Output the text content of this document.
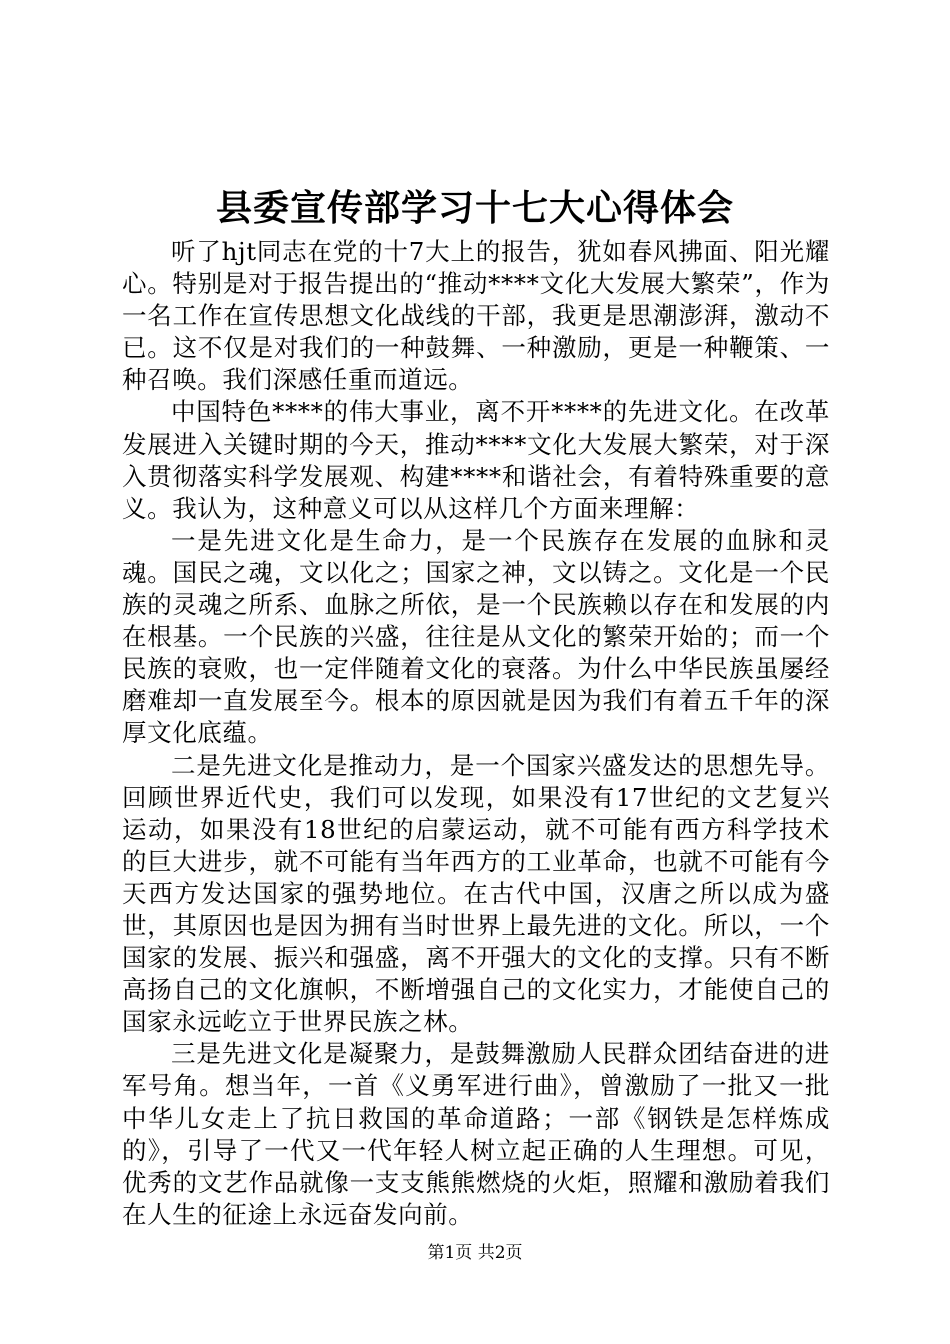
县委宣传部学习十七大心得体会

听了hjt同志在党的十7大上的报告，犹如春风拂面、阳光耀心。特别是对于报告提出的“推动****文化大发展大繁荣”，作为一名工作在宣传思想文化战线的干部，我更是思潮澎湃，激动不已。这不仅是对我们的一种鼓舞、一种激励，更是一种鞭策、一种召唤。我们深感任重而道远。

中国特色****的伟大事业，离不开****的先进文化。在改革发展进入关键时期的今天，推动****文化大发展大繁荣，对于深入贯彻落实科学发展观、构建****和谐社会，有着特殊重要的意义。我认为，这种意义可以从这样几个方面来理解：

一是先进文化是生命力，是一个民族存在发展的血脉和灵魂。国民之魂，文以化之；国家之神，文以铸之。文化是一个民族的灵魂之所系、血脉之所依，是一个民族赖以存在和发展的内在根基。一个民族的兴盛，往往是从文化的繁荣开始的；而一个民族的衰败，也一定伴随着文化的衰落。为什么中华民族虽屡经磨难却一直发展至今。根本的原因就是因为我们有着五千年的深厚文化底蕴。

二是先进文化是推动力，是一个国家兴盛发达的思想先导。回顾世界近代史，我们可以发现，如果没有17世纪的文艺复兴运动，如果没有18世纪的启蒙运动，就不可能有西方科学技术的巨大进步，就不可能有当年西方的工业革命，也就不可能有今天西方发达国家的强势地位。在古代中国，汉唐之所以成为盛世，其原因也是因为拥有当时世界上最先进的文化。所以，一个国家的发展、振兴和强盛，离不开强大的文化的支撑。只有不断高扬自己的文化旗帜，不断增强自己的文化实力，才能使自己的国家永远屹立于世界民族之林。

三是先进文化是凝聚力，是鼓舞激励人民群众团结奋进的进军号角。想当年，一首《义勇军进行曲》，曾激励了一批又一批中华儿女走上了抗日救国的革命道路；一部《钢铁是怎样炼成的》，引导了一代又一代年轻人树立起正确的人生理想。可见，优秀的文艺作品就像一支支熊熊燃烧的火炬，照耀和激励着我们在人生的征途上永远奋发向前。

第1页 共2页
